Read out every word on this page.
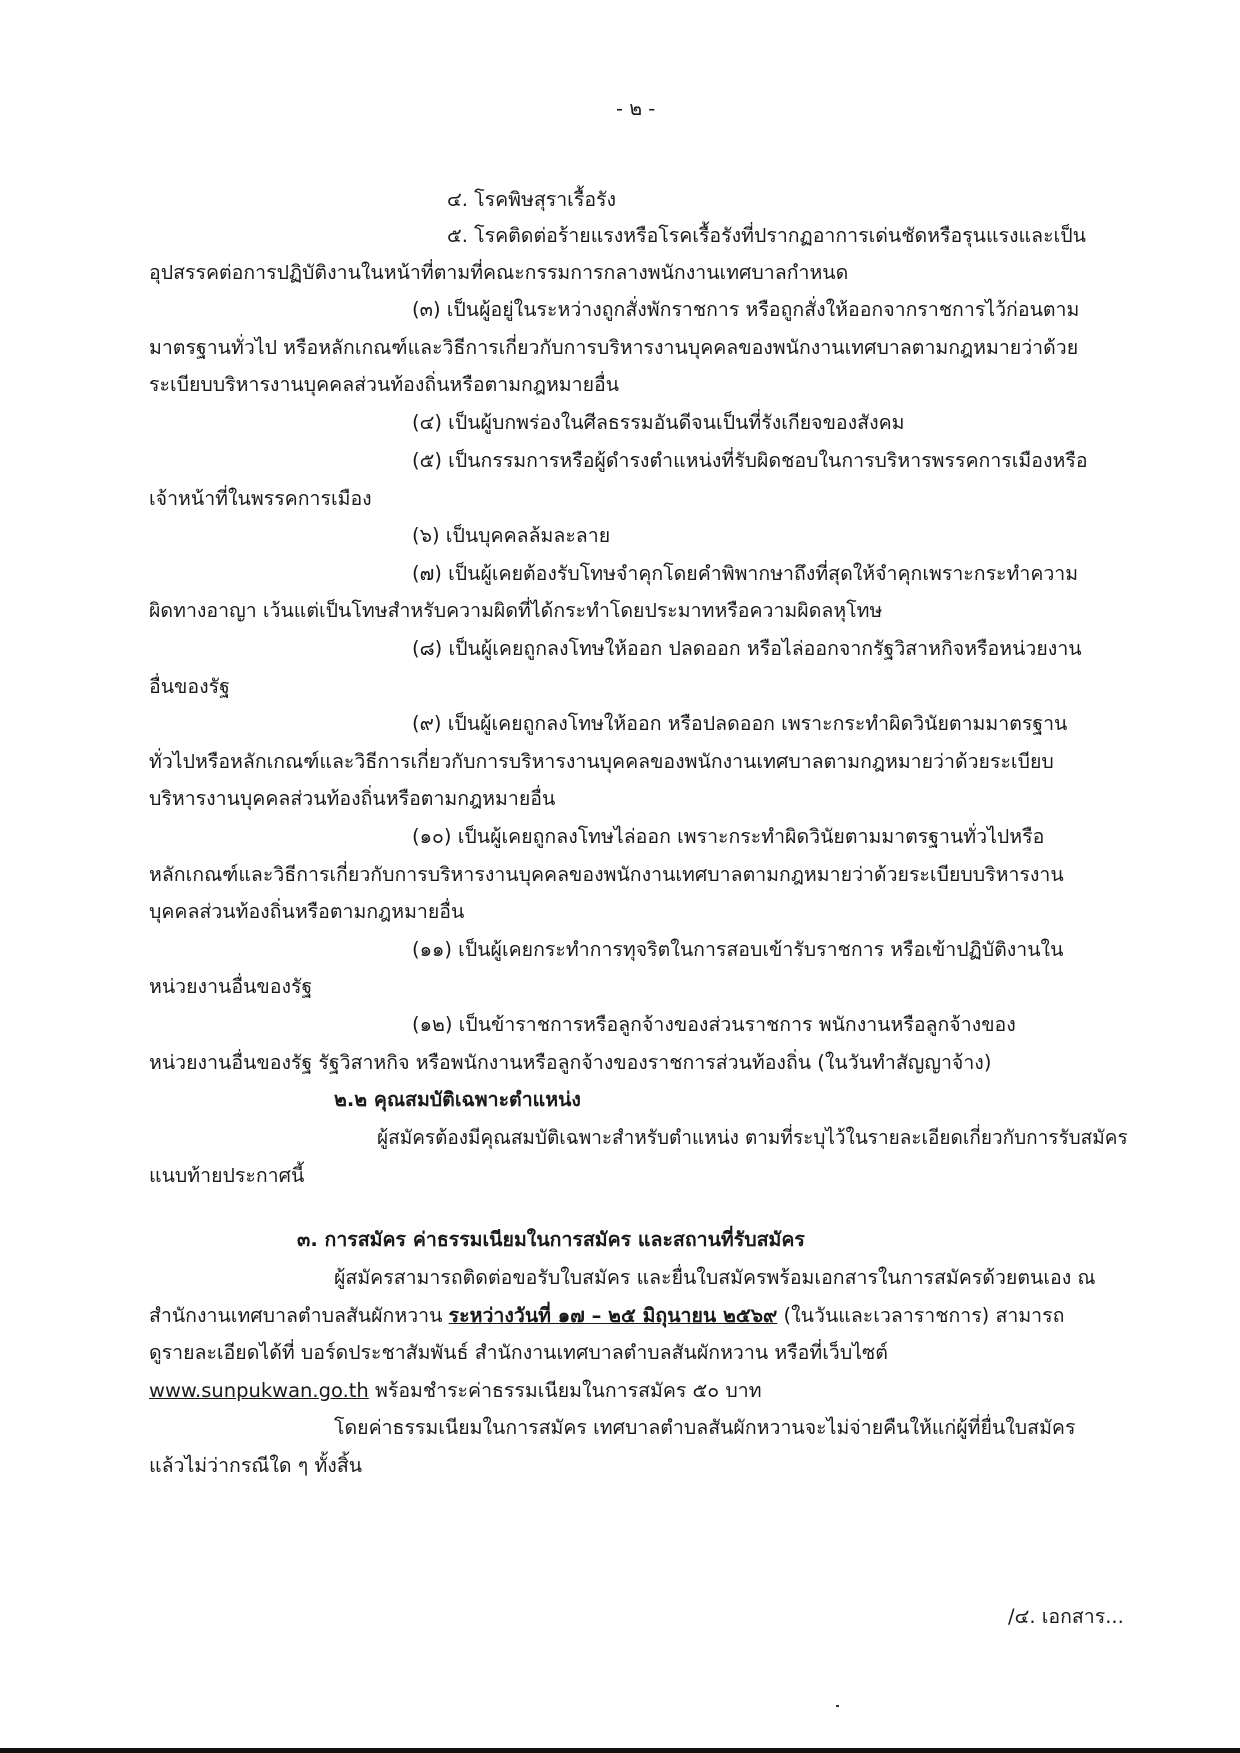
- ๒ -
๔. โรคพิษสุราเรื้อรัง
๕. โรคติดต่อร้ายแรงหรือโรคเรื้อรังที่ปรากฏอาการเด่นชัดหรือรุนแรงและเป็น
อุปสรรคต่อการปฏิบัติงานในหน้าที่ตามที่คณะกรรมการกลางพนักงานเทศบาลกำหนด
(๓) เป็นผู้อยู่ในระหว่างถูกสั่งพักราชการ หรือถูกสั่งให้ออกจากราชการไว้ก่อนตาม
มาตรฐานทั่วไป หรือหลักเกณฑ์และวิธีการเกี่ยวกับการบริหารงานบุคคลของพนักงานเทศบาลตามกฎหมายว่าด้วย
ระเบียบบริหารงานบุคคลส่วนท้องถิ่นหรือตามกฎหมายอื่น
(๔) เป็นผู้บกพร่องในศีลธรรมอันดีจนเป็นที่รังเกียจของสังคม
(๕) เป็นกรรมการหรือผู้ดำรงตำแหน่งที่รับผิดชอบในการบริหารพรรคการเมืองหรือ
เจ้าหน้าที่ในพรรคการเมือง
(๖) เป็นบุคคลล้มละลาย
(๗) เป็นผู้เคยต้องรับโทษจำคุกโดยคำพิพากษาถึงที่สุดให้จำคุกเพราะกระทำความ
ผิดทางอาญา เว้นแต่เป็นโทษสำหรับความผิดที่ได้กระทำโดยประมาทหรือความผิดลหุโทษ
(๘) เป็นผู้เคยถูกลงโทษให้ออก ปลดออก หรือไล่ออกจากรัฐวิสาหกิจหรือหน่วยงาน
อื่นของรัฐ
(๙) เป็นผู้เคยถูกลงโทษให้ออก หรือปลดออก เพราะกระทำผิดวินัยตามมาตรฐาน
ทั่วไปหรือหลักเกณฑ์และวิธีการเกี่ยวกับการบริหารงานบุคคลของพนักงานเทศบาลตามกฎหมายว่าด้วยระเบียบ
บริหารงานบุคคลส่วนท้องถิ่นหรือตามกฎหมายอื่น
(๑๐) เป็นผู้เคยถูกลงโทษไล่ออก เพราะกระทำผิดวินัยตามมาตรฐานทั่วไปหรือ
หลักเกณฑ์และวิธีการเกี่ยวกับการบริหารงานบุคคลของพนักงานเทศบาลตามกฎหมายว่าด้วยระเบียบบริหารงาน
บุคคลส่วนท้องถิ่นหรือตามกฎหมายอื่น
(๑๑) เป็นผู้เคยกระทำการทุจริตในการสอบเข้ารับราชการ หรือเข้าปฏิบัติงานใน
หน่วยงานอื่นของรัฐ
(๑๒) เป็นข้าราชการหรือลูกจ้างของส่วนราชการ พนักงานหรือลูกจ้างของ
หน่วยงานอื่นของรัฐ รัฐวิสาหกิจ หรือพนักงานหรือลูกจ้างของราชการส่วนท้องถิ่น (ในวันทำสัญญาจ้าง)
๒.๒ คุณสมบัติเฉพาะตำแหน่ง
ผู้สมัครต้องมีคุณสมบัติเฉพาะสำหรับตำแหน่ง ตามที่ระบุไว้ในรายละเอียดเกี่ยวกับการรับสมัคร
แนบท้ายประกาศนี้
๓. การสมัคร ค่าธรรมเนียมในการสมัคร และสถานที่รับสมัคร
ผู้สมัครสามารถติดต่อขอรับใบสมัคร และยื่นใบสมัครพร้อมเอกสารในการสมัครด้วยตนเอง ณ
สำนักงานเทศบาลตำบลสันผักหวาน ระหว่างวันที่ ๑๗ – ๒๕ มิถุนายน ๒๕๖๙ (ในวันและเวลาราชการ) สามารถ
ดูรายละเอียดได้ที่ บอร์ดประชาสัมพันธ์ สำนักงานเทศบาลตำบลสันผักหวาน หรือที่เว็บไซต์
www.sunpukwan.go.th พร้อมชำระค่าธรรมเนียมในการสมัคร ๕๐ บาท
โดยค่าธรรมเนียมในการสมัคร เทศบาลตำบลสันผักหวานจะไม่จ่ายคืนให้แก่ผู้ที่ยื่นใบสมัคร
แล้วไม่ว่ากรณีใด ๆ ทั้งสิ้น
/๔. เอกสาร...
